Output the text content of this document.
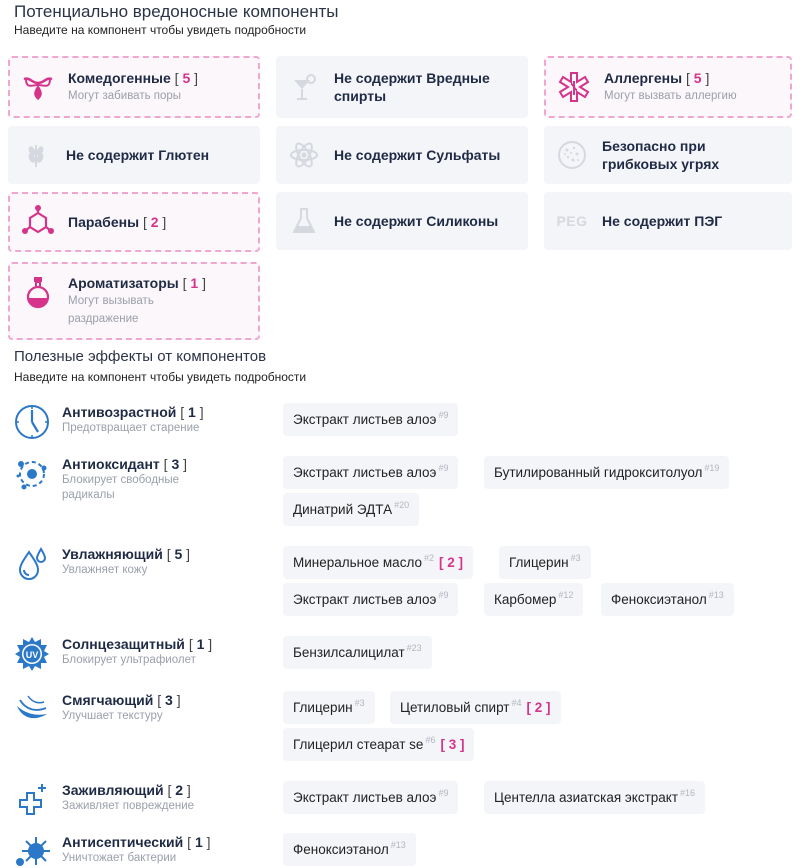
Потенциально вредоносные компоненты
Наведите на компонент чтобы увидеть подробности
Комедогенные [ 5 ]
Могут забивать поры
Не содержит Вредные спирты
Аллергены [ 5 ]
Могут вызвать аллергию
Не содержит Глютен	Не содержит Сульфаты
Безопасно при грибковых угрях
Парабены [ 2 ]	Не содержит Силиконы	PEG Не содержит ПЭГ
Ароматизаторы [ 1 ]
Могут вызывать раздражение
Полезные эффекты от компонентов
Наведите на компонент чтобы увидеть подробности
Антивозрастной [ 1 ]
Предотвращает старение
Экстракт листьев алоэ$^{\#9}$
Антиоксидант [ 3 ]
Блокирует свободные радикалы
Экстракт листьев алоэ$^{\#9}$	Бутилированный гидрокситолуол$^{\#19}$
Динатрий ЭДТА$^{\#20}$
Увлажняющий [ 5 ]
Увлажняет кожу	Минеральное масло$^{\#2}$ [ 2 ]	Глицерин$^{\#3}$
Экстракт листьев алоэ$^{\#9}$	Карбомер$^{\#12}$	Феноксиэтанол$^{\#13}$
UV
Солнцезащитный [ 1 ]
Блокирует ультрафиолет	Бензилсалицилат$^{\#23}$
Смягчающий [ 3 ]
Улучшает текстуру
Глицерин$^{\#3}$	Цетиловый спирт$^{\#4}$ [ 2 ]
Глицерил стеарат $se^{\#6}$ [ 3 ]
Заживляющий [ 2 ]
Заживляет повреждение
Экстракт листьев алоэ$^{\#9}$	Центелла азиатская экстракт$^{\#16}$
Антисептический [ 1 ]
Уничтожает бактерии
Феноксиэтанол$^{\#13}$
